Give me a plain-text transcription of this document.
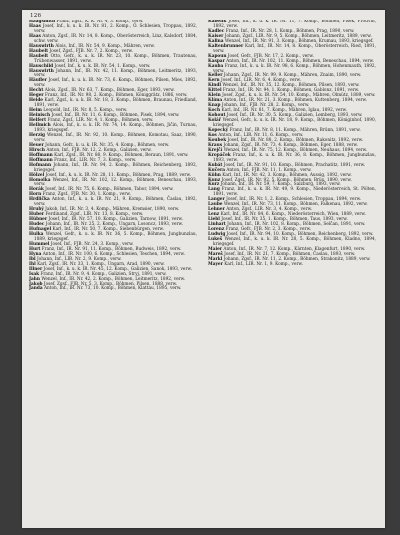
126
Haagsmith Franz, Zgsf., K. K. Nr. 4, 3. Komp., verw.
Haas Josef, Inf., k. u. k. IR. Nr. 81, 2. Komp., Ö. Schlesien, Troppau, 1892, verw.
Haas Anton, Zgsf., IR. Nr. 14, 8. Komp., Oberösterreich, Linz, Kalsdorf, 1884, schw. verw.
Hauswirth Alois, Inf., IR. Nr. 54, 9. Komp., Mähren, verw.
Haubelt Josef, Zgsf., FJB. Nr. 7, 2. Komp., verw.
Haubelt Otto, Gefr., k. u. k. IR. Nr. 23, 10. Komp., Böhmen, Trautenau, Trübenwasser, 1891, verw.
Hauschild Josef, Inf., k. u. k. IR. Nr. 54, 1. Komp., verw.
Hauswirth Johann, Inf., IR. Nr. 42, 11. Komp., Böhmen, Leitmeritz, 1893, verw.
Häufler Josef, Inf., k. u. k. IR. Nr. 73, 6. Komp., Böhmen, Pilsen, Mies, 1892, verw.
Hecht Alois, Zgsf., IR. Nr. 63, 7. Komp., Böhmen, Eger, 1893, verw.
Heger Franz, Inf., IR. Nr. 98, 2. Komp., Böhmen, Königgrätz, 1886, verw.
Heide Karl, Zgsf., k. u. k. IR. Nr. 18, 3. Komp., Böhmen, Braunau, Friedland, 1891, verw.
Heim Leopold, Inf., IR. Nr. 8, 5. Komp., verw.
Heinisch Josef, Inf., IR. Nr. 11, 6. Komp., Böhmen, Pisek, 1894, verw.
Helfert Franz, Zgsf., LIR. Nr. 4, 1. Komp., Böhmen, verw.
Hellmich Alois, Inf., k. u. k. IR. Nr. 74, 14. Komp., Böhmen, Jičin, Turnau, 1893, kriegsgef.
Herzig Wenzel, Inf., IR. Nr. 92, 10. Komp., Böhmen, Komotau, Saaz, 1890, verw.
Heuer Johann, Gefr., k. u. k. IR. Nr. 35, 4. Komp., Böhmen, verw.
Hirsch Anton, Inf., FJB. Nr. 12, 2. Komp., Galizien, verw.
Hoffmann Karl, Zgsf., IR. Nr. 88, 9. Komp., Böhmen, Beraun, 1891, verw.
Hoffmann Franz, Inf., LIR. Nr. 7, 3. Komp., verw.
Hofmann Johann, Inf., IR. Nr. 94, 2. Komp., Böhmen, Reichenberg, 1892, kriegsgef.
Hölzel Josef, Inf., k. u. k. IR. Nr. 28, 11. Komp., Böhmen, Prag, 1889, verw.
Homolka Wenzel, Inf., IR. Nr. 102, 12. Komp., Böhmen, Beneschau, 1893, verw.
Horák Josef, Inf., IR. Nr. 75, 6. Komp., Böhmen, Tabor, 1894, verw.
Horn Franz, Zgsf., FJB. Nr. 30, 1. Komp., verw.
Hrdlička Anton, Inf., k. u. k. IR. Nr. 21, 9. Komp., Böhmen, Časlau, 1892, verw.
Hrubý Jakob, Inf., IR. Nr. 3, 4. Komp., Mähren, Kremsier, 1890, verw.
Huber Ferdinand, Zgsf., LIR. Nr. 13, 8. Komp., verw.
Hübner Josef, Inf., IR. Nr. 57, 10. Komp., Galizien, Tarnow, 1891, verw.
Hudec Johann, Inf., IR. Nr. 25, 2. Komp., Ungarn, Losoncz, 1893, verw.
Hufnagel Karl, Inf., IR. Nr. 50, 7. Komp., Siebenbürgen, verw.
Hulka Wenzel, Gefr., k. u. k. IR. Nr. 36, 5. Komp., Böhmen, Jungbunzlau, 1889, kriegsgef.
Hummel Josef, Inf., FJB. Nr. 24, 3. Komp., verw.
Hurt Franz, Inf., IR. Nr. 91, 11. Komp., Böhmen, Budweis, 1892, verw.
Hyna Anton, Inf., IR. Nr. 100, 6. Komp., Schlesien, Teschen, 1894, verw.
Ibl Johann, Inf., LIR. Nr. 2, 9. Komp., verw.
Ihl Karl, Zgsf., IR. Nr. 33, 1. Komp., Ungarn, Arad, 1890, verw.
Illner Josef, Inf., k. u. k. IR. Nr. 45, 12. Komp., Galizien, Sanok, 1893, verw.
Isak Franz, Inf., IR. Nr. 9, 4. Komp., Galizien, Stryj, 1891, verw.
Jahn Wenzel, Inf., IR. Nr. 42, 2. Komp., Böhmen, Leitmeritz, 1892, verw.
Jakob Josef, Zgsf., FJB. Nr. 5, 3. Komp., Böhmen, Pilsen, 1888, verw.
Janda Anton, Inf., IR. Nr. 73, 10. Komp., Böhmen, Klattau, 1895, verw.
Kabelik Josef, Inf., k. u. k. IR. Nr. 11, 7. Komp., Böhmen, Pisek, Protivin, 1892, verw.
Kadlec Franz, Inf., IR. Nr. 28, 1. Komp., Böhmen, Prag, 1890, verw.
Kaiser Johann, Zgsf., LIR. Nr. 9, 5. Komp., Böhmen, Leitmeritz, 1889, verw.
Kalina Wenzel, Inf., IR. Nr. 91, 3. Komp., Böhmen, Krumau, 1893, kriegsgef.
Kaltenbrunner Karl, Inf., IR. Nr. 14, 8. Komp., Oberösterreich, Ried, 1891, verw.
Kapoun Josef, Gefr., FJB. Nr. 17, 2. Komp., verw.
Kaspar Anton, Inf., IR. Nr. 102, 11. Komp., Böhmen, Beneschau, 1894, verw.
Kauba Franz, Inf., k. u. k. IR. Nr. 98, 6. Komp., Böhmen, Hohenmauth, 1892, verw.
Keller Johann, Zgsf., IR. Nr. 99, 9. Komp., Mähren, Znaim, 1890, verw.
Kern Josef, Inf., LIR. Nr. 6, 4. Komp., verw.
Kindl Wenzel, Inf., IR. Nr. 35, 12. Komp., Böhmen, Pilsen, 1893, verw.
Kittel Franz, Inf., IR. Nr. 94, 1. Komp., Böhmen, Gablonz, 1891, verw.
Klein Josef, Zgsf., k. u. k. IR. Nr. 54, 10. Komp., Mähren, Olmütz, 1889, verw.
Klíma Anton, Inf., IR. Nr. 21, 3. Komp., Böhmen, Kuttenberg, 1894, verw.
Knap Johann, Inf., FJB. Nr. 28, 2. Komp., verw.
Koch Karl, Inf., IR. Nr. 81, 7. Komp., Mähren, Iglau, 1892, verw.
Kohout Josef, Inf., IR. Nr. 30, 5. Komp., Galizien, Lemberg, 1893, verw.
Kolář Wenzel, Gefr., k. u. k. IR. Nr. 18, 9. Komp., Böhmen, Königinhof, 1890, kriegsgef.
Kopecký Franz, Inf., IR. Nr. 8, 11. Komp., Mähren, Brünn, 1891, verw.
Kos Anton, Inf., LIR. Nr. 11, 6. Komp., verw.
Koubek Josef, Inf., IR. Nr. 88, 2. Komp., Böhmen, Rakonitz, 1892, verw.
Kraus Johann, Zgsf., IR. Nr. 73, 4. Komp., Böhmen, Eger, 1888, verw.
Krejčí Wenzel, Inf., IR. Nr. 75, 12. Komp., Böhmen, Neuhaus, 1894, verw.
Kropáček Franz, Inf., k. u. k. IR. Nr. 36, 8. Komp., Böhmen, Jungbunzlau, 1893, verw.
Kubát Josef, Inf., IR. Nr. 91, 10. Komp., Böhmen, Prachatitz, 1891, verw.
Kučera Anton, Inf., FJB. Nr. 11, 1. Komp., verw.
Kühn Karl, Inf., IR. Nr. 42, 3. Komp., Böhmen, Aussig, 1892, verw.
Kunz Josef, Zgsf., IR. Nr. 92, 5. Komp., Böhmen, Brüx, 1890, verw.
Kurz Johann, Inf., IR. Nr. 59, 7. Komp., Salzburg, 1893, verw.
Lang Franz, Inf., k. u. k. IR. Nr. 49, 9. Komp., Niederösterreich, St. Pölten, 1891, verw.
Langer Josef, Inf., IR. Nr. 1, 2. Komp., Schlesien, Troppau, 1894, verw.
Laube Wenzel, Inf., IR. Nr. 73, 11. Komp., Böhmen, Falkenau, 1892, verw.
Lehner Anton, Zgsf., LIR. Nr. 3, 4. Komp., verw.
Lenz Karl, Inf., IR. Nr. 84, 6. Komp., Niederösterreich, Wien, 1889, verw.
Liebl Josef, Inf., IR. Nr. 35, 1. Komp., Böhmen, Taus, 1893, verw.
Linhart Johann, Inf., IR. Nr. 102, 8. Komp., Böhmen, Selčan, 1891, verw.
Lorenz Franz, Gefr., FJB. Nr. 2, 3. Komp., verw.
Ludwig Josef, Inf., IR. Nr. 94, 10. Komp., Böhmen, Reichenberg, 1892, verw.
Lukeš Wenzel, Inf., k. u. k. IR. Nr. 28, 5. Komp., Böhmen, Kladno, 1894, kriegsgef.
Maier Anton, Inf., IR. Nr. 7, 12. Komp., Kärnten, Klagenfurt, 1890, verw.
Mareš Josef, Inf., IR. Nr. 21, 7. Komp., Böhmen, Časlau, 1893, verw.
Markl Johann, Zgsf., IR. Nr. 11, 2. Komp., Böhmen, Strakonitz, 1889, verw.
Mayer Karl, Inf., LIR. Nr. 1, 9. Komp., verw.
